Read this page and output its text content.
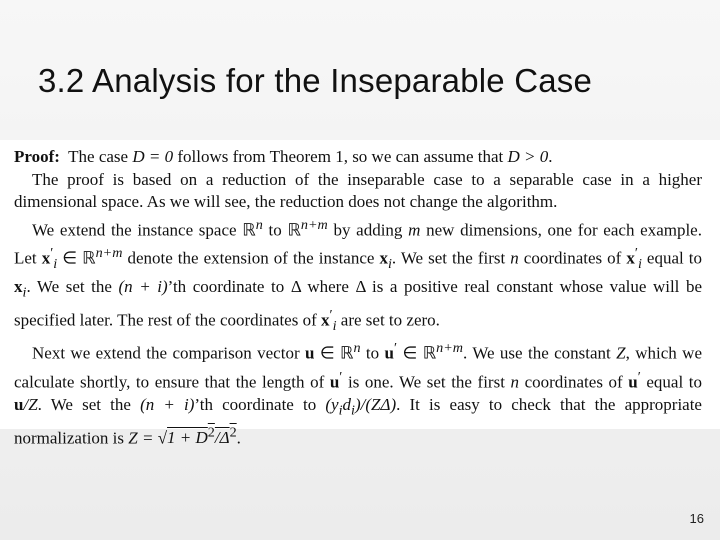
3.2 Analysis for the Inseparable Case

Proof: The case D = 0 follows from Theorem 1, so we can assume that D > 0.

The proof is based on a reduction of the inseparable case to a separable case in a higher dimensional space. As we will see, the reduction does not change the algorithm.

We extend the instance space ℝ$^n$ to ℝ$^{n+m}$ by adding m new dimensions, one for each example. Let $x'_i$ ∈ ℝ$^{n+m}$ denote the extension of the instance $x_i$. We set the first n coordinates of $x'_i$ equal to $x_i$. We set the (n + i)’th coordinate to Δ where Δ is a positive real constant whose value will be specified later. The rest of the coordinates of $x'_i$ are set to zero.

Next we extend the comparison vector u ∈ ℝ$^n$ to u′ ∈ ℝ$^{n+m}$. We use the constant Z, which we calculate shortly, to ensure that the length of u′ is one. We set the first n coordinates of u′ equal to u/Z. We set the (n + i)’th coordinate to $(y_id_i)/(Z\Delta)$. It is easy to check that the appropriate normalization is $Z = √1 + D^2/\Delta^2$.

16
